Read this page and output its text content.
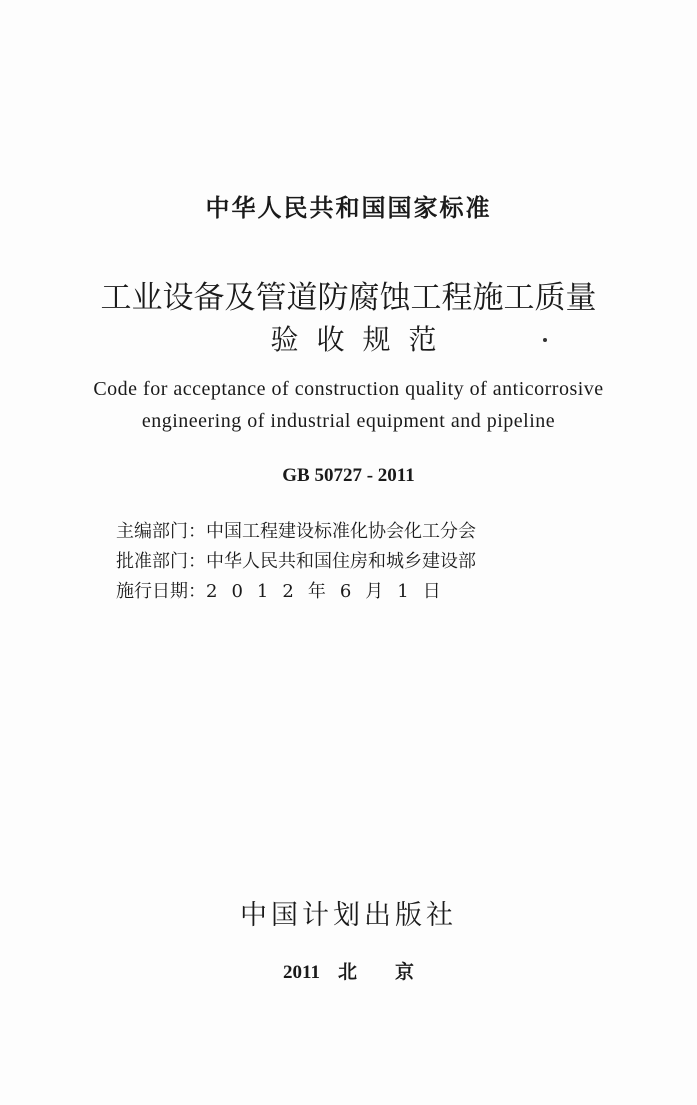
中华人民共和国国家标准
工业设备及管道防腐蚀工程施工质量
验收规范
Code for acceptance of construction quality of anticorrosive
engineering of industrial equipment and pipeline
GB 50727 - 2011
主编部门：中国工程建设标准化协会化工分会
批准部门：中华人民共和国住房和城乡建设部
施行日期：2 0 1 2 年 6 月 1 日
中国计划出版社
2011 北 京
